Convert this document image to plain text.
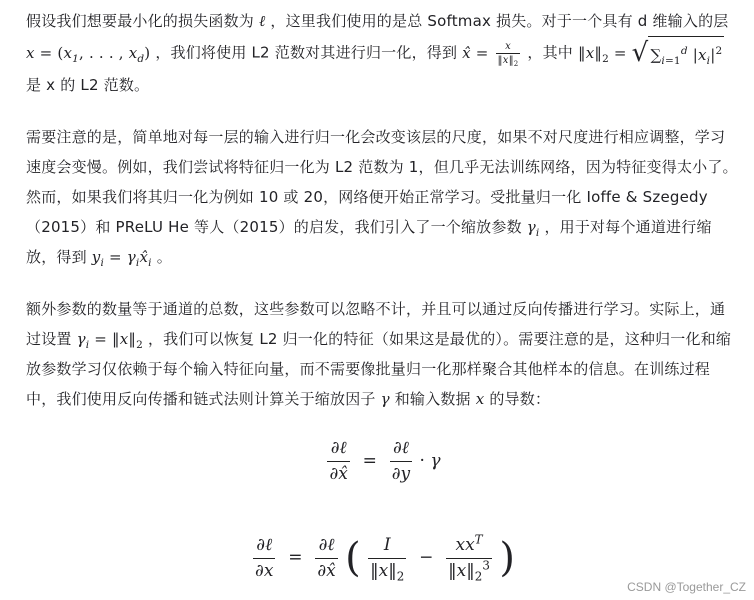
假设我们想要最小化的损失函数为 ℓ ，这里我们使用的是总 Softmax 损失。对于一个具有 d 维输入的层 $x = (x_1$, . . . , $x_d$) ，我们将使用 L2 范数对其进行归一化，得到 x̂ = $\frac{x}{‖x‖_2}$ ，其中 $‖x‖_2$ = √ $\sum_{i=1}^d$ $|x_i|^2$ 是 x 的 L2 范数。

需要注意的是，简单地对每一层的输入进行归一化会改变该层的尺度，如果不对尺度进行相应调整，学习速度会变慢。例如，我们尝试将特征归一化为 L2 范数为 1，但几乎无法训练网络，因为特征变得太小了。然而，如果我们将其归一化为例如 10 或 20，网络便开始正常学习。受批量归一化 Ioffe & Szegedy（2015）和 PReLU He 等人（2015）的启发，我们引入了一个缩放参数 $\gamma_i$ ，用于对每个通道进行缩放，得到 $y_i$ = $\gamma_ix̂_i$ 。

额外参数的数量等于通道的总数，这些参数可以忽略不计，并且可以通过反向传播进行学习。实际上，通过设置 $\gamma_i$ = $‖x‖_2$ ，我们可以恢复 L2 归一化的特征（如果这是最优的）。需要注意的是，这种归一化和缩放参数学习仅依赖于每个输入特征向量，而不需要像批量归一化那样聚合其他样本的信息。在训练过程中，我们使用反向传播和链式法则计算关于缩放因子 γ 和输入数据 x 的导数：

$\frac{\text{∂ℓ}}{\partial x̂} = \frac{\text{∂ℓ}}{\partial y} \cdot \gamma$
$\frac{\text{∂ℓ}}{\partial x} = \frac{\text{∂ℓ}}{\partial x̂}$ ( $\frac{I}{‖x‖_2} - \frac{xx^T}{‖x‖_2^3}$ )
CSDN @Together_CZ
